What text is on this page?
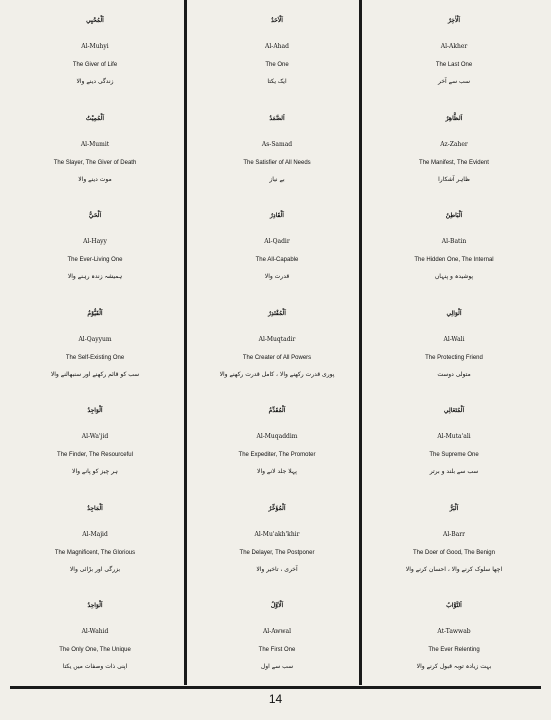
اَلْمُحْيِي
Al-Muhyi
The Giver of Life
زندگی دینے والا
اَلْمُمِيْتُ
Al-Mumit
The Slayer, The Giver of Death
موت دینے والا
اَلْحَيُّ
Al-Hayy
The Ever-Living One
ہمیشہ زندہ رہنے والا
اَلْقَيُّوْمُ
Al-Qayyum
The Self-Existing One
سب کو قائم رکھنے اور سنبھالنے والا
اَلْوَاجِدُ
Al-Wa'jid
The Finder, The Resourceful
ہر چیز کو پانے والا
اَلْمَاجِدُ
Al-Majid
The Magnificent, The Glorious
بزرگی اور بڑائی والا
اَلْوَاحِدُ
Al-Wahid
The Only One, The Unique
اپنی ذات وصفات میں یکتا
اَلْاَحَدُ
Al-Ahad
The One
ایک یکتا
اَلصَّمَدُ
As-Samad
The Satisfier of All Needs
بے نیاز
اَلْقَادِرُ
Al-Qadir
The All-Capable
قدرت والا
اَلْمُقْتَدِرُ
Al-Muqtadir
The Creater of All Powers
پوری قدرت رکھنے والا ، کامل قدرت رکھنے والا
اَلْمُقَدِّمُ
Al-Muqaddim
The Expediter, The Promoter
پہلا جلد لانے والا
اَلْمُؤَخِّرُ
Al-Mu'akh'khir
The Delayer, The Postponer
آخری ، تاخیر والا
اَلْاَوَّلُ
Al-Awwal
The First One
سب سے اول
اَلْاٰخِرُ
Al-Akher
The Last One
سب سے آخر
اَلظَّاهِرُ
Az-Zaher
The Manifest, The Evident
ظاہر آشکارا
اَلْبَاطِنُ
Al-Batin
The Hidden One, The Internal
پوشیدہ و پنہاں
اَلْوَالِي
Al-Wali
The Protecting Friend
متولی دوست
اَلْمُتَعَالِي
Al-Muta'ali
The Supreme One
سب سے بلند و برتر
اَلْبَرُّ
Al-Barr
The Doer of Good, The Benign
اچھا سلوک کرنے والا ، احسان کرنے والا
اَلتَّوَّابُ
At-Tawwab
The Ever Relenting
بہت زیادہ توبہ قبول کرنے والا
14
